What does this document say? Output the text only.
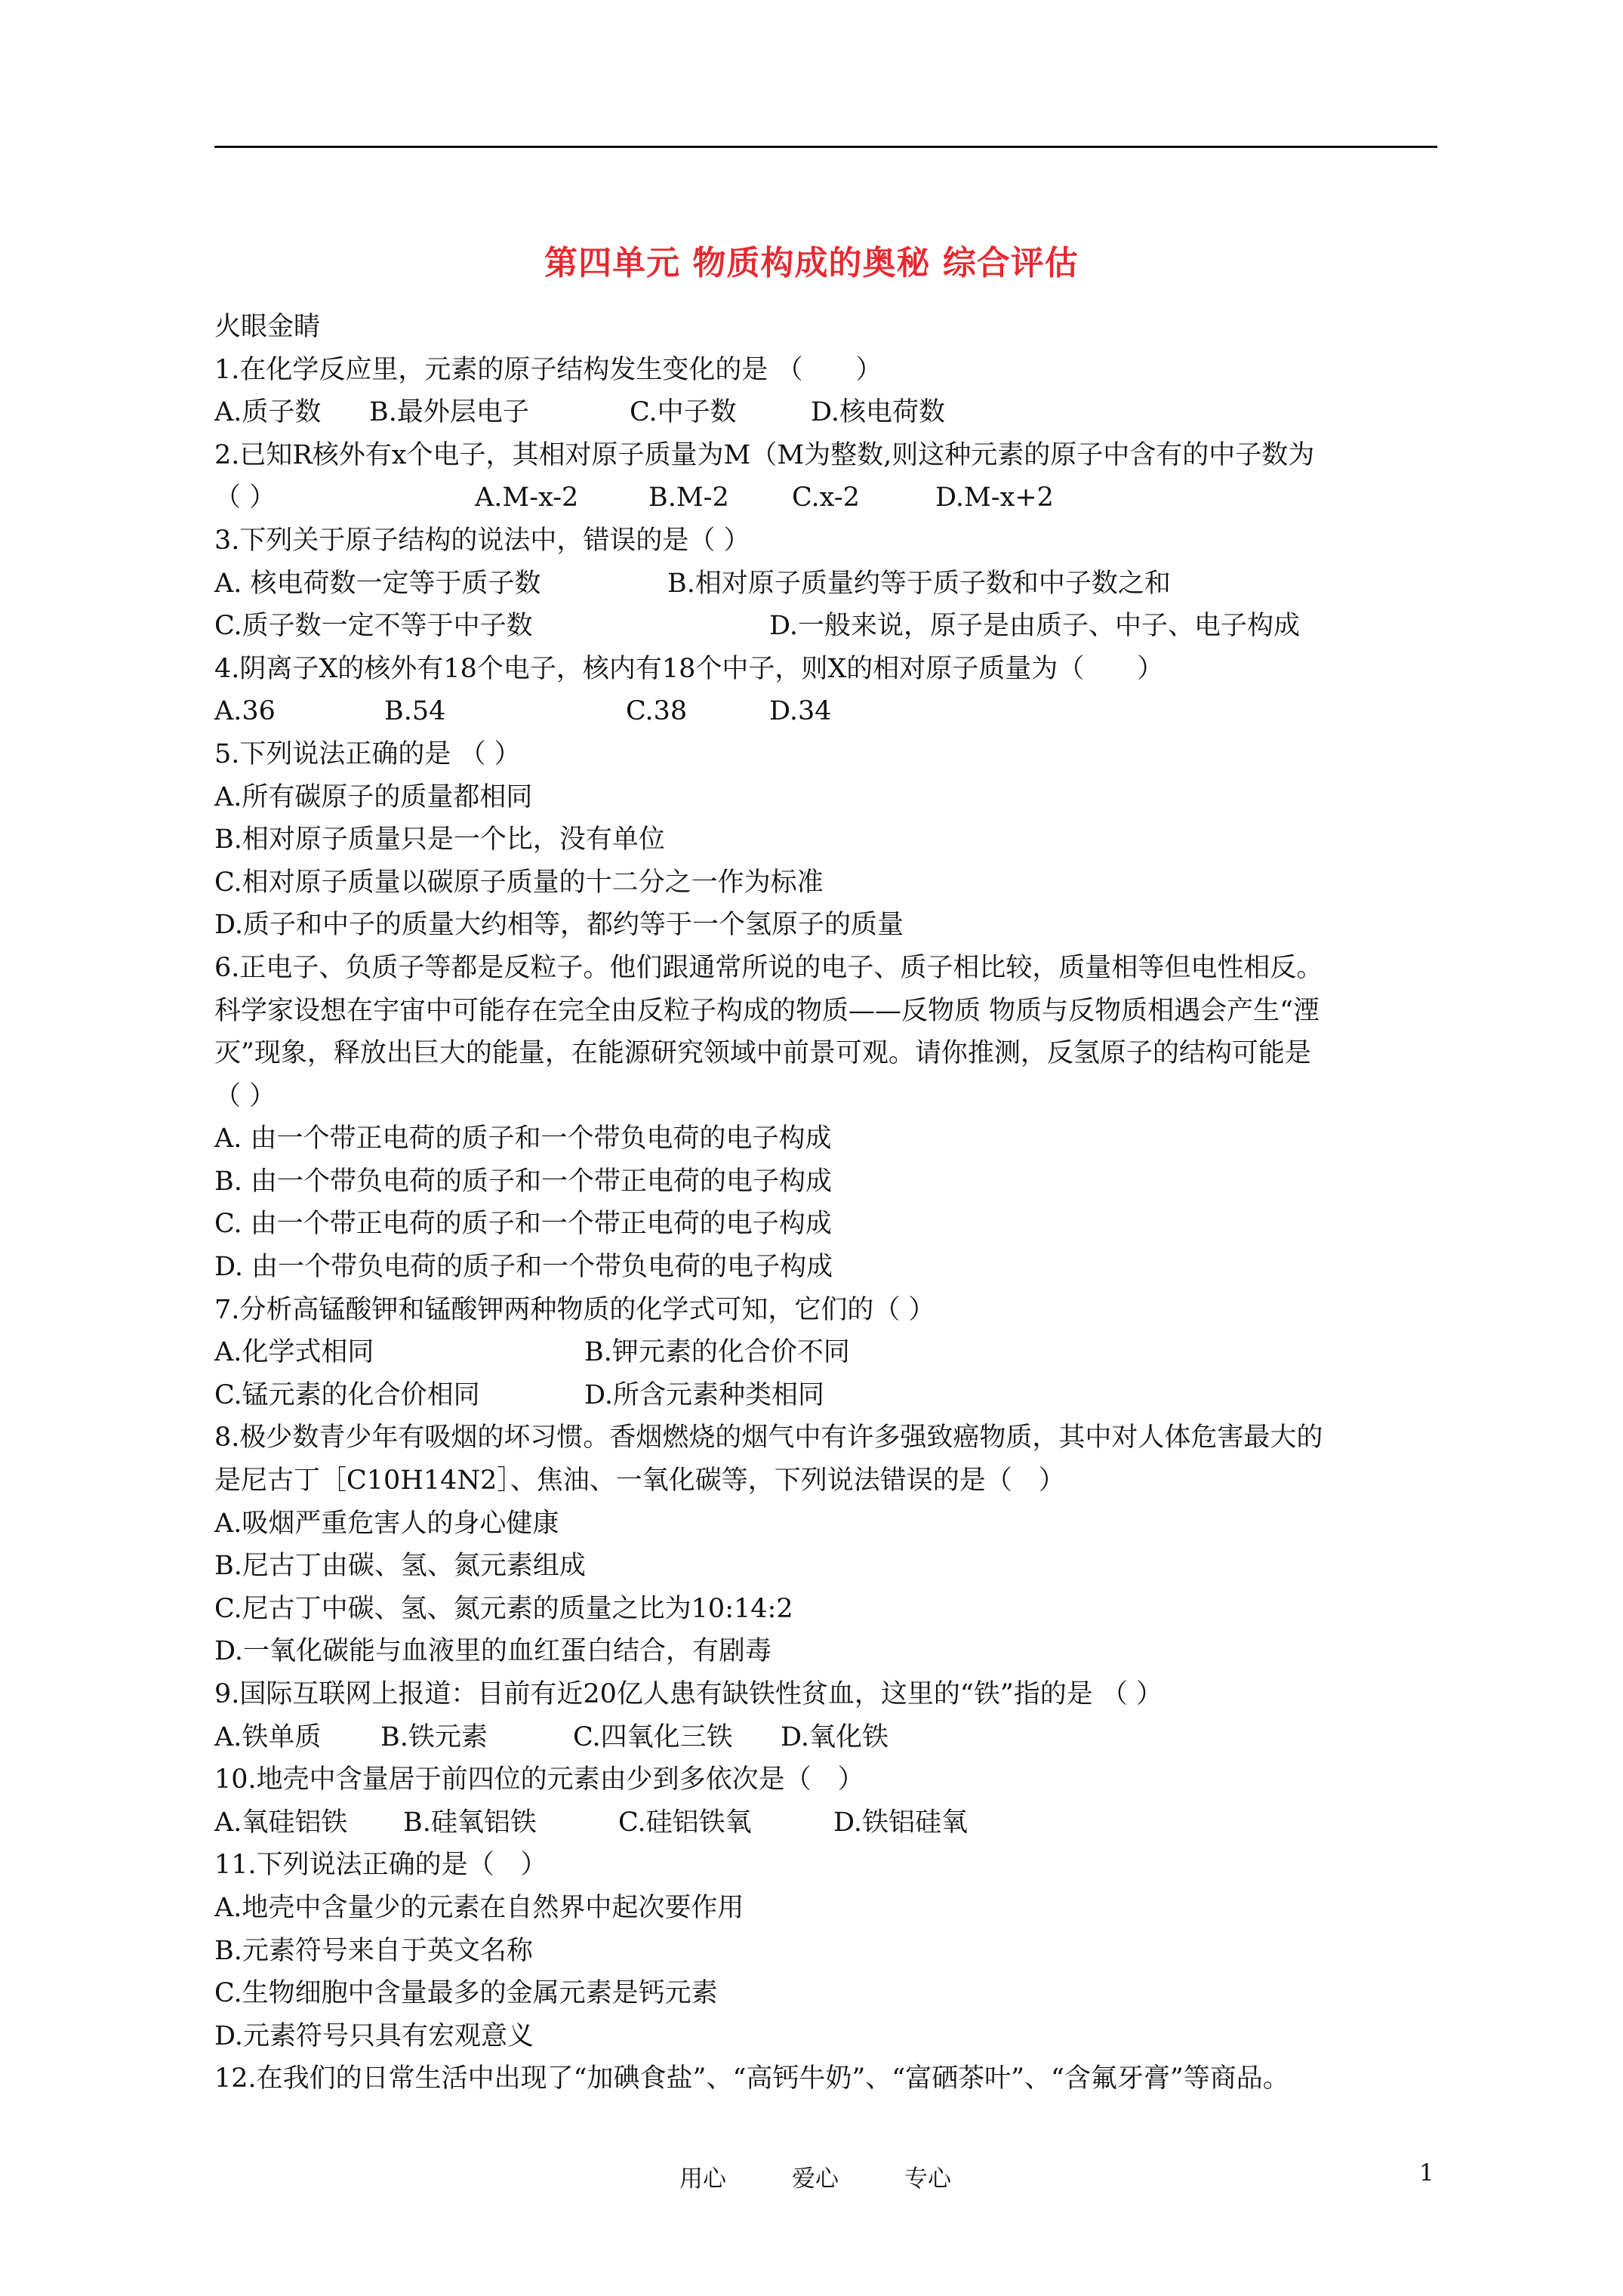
第四单元 物质构成的奥秘 综合评估
火眼金睛
1.在化学反应里，元素的原子结构发生变化的是 （　　）
A.质子数	B.最外层电子	C.中子数	D.核电荷数
2.已知R核外有x个电子，其相对原子质量为M（M为整数,则这种元素的原子中含有的中子数为
（ ）	A.M-x-2	B.M-2	C.x-2	D.M-x+2
3.下列关于原子结构的说法中，错误的是（ ）
A. 核电荷数一定等于质子数	B.相对原子质量约等于质子数和中子数之和
C.质子数一定不等于中子数	D.一般来说，原子是由质子、中子、电子构成
4.阴离子X的核外有18个电子，核内有18个中子，则X的相对原子质量为（　　）
A.36	B.54	C.38	D.34
5.下列说法正确的是 （ ）
A.所有碳原子的质量都相同
B.相对原子质量只是一个比，没有单位
C.相对原子质量以碳原子质量的十二分之一作为标准
D.质子和中子的质量大约相等，都约等于一个氢原子的质量
6.正电子、负质子等都是反粒子。他们跟通常所说的电子、质子相比较，质量相等但电性相反。
科学家设想在宇宙中可能存在完全由反粒子构成的物质——反物质 物质与反物质相遇会产生“湮
灭”现象，释放出巨大的能量，在能源研究领域中前景可观。请你推测，反氢原子的结构可能是
（ ）
A. 由一个带正电荷的质子和一个带负电荷的电子构成
B. 由一个带负电荷的质子和一个带正电荷的电子构成
C. 由一个带正电荷的质子和一个带正电荷的电子构成
D. 由一个带负电荷的质子和一个带负电荷的电子构成
7.分析高锰酸钾和锰酸钾两种物质的化学式可知，它们的（ ）
A.化学式相同	B.钾元素的化合价不同
C.锰元素的化合价相同	D.所含元素种类相同
8.极少数青少年有吸烟的坏习惯。香烟燃烧的烟气中有许多强致癌物质，其中对人体危害最大的
是尼古丁［C10H14N2］、焦油、一氧化碳等，下列说法错误的是（　）
A.吸烟严重危害人的身心健康
B.尼古丁由碳、氢、氮元素组成
C.尼古丁中碳、氢、氮元素的质量之比为10:14:2
D.一氧化碳能与血液里的血红蛋白结合，有剧毒
9.国际互联网上报道：目前有近20亿人患有缺铁性贫血，这里的“铁”指的是 （ ）
A.铁单质	B.铁元素	C.四氧化三铁	D.氧化铁
10.地壳中含量居于前四位的元素由少到多依次是（　）
A.氧硅铝铁	B.硅氧铝铁	C.硅铝铁氧	D.铁铝硅氧
11.下列说法正确的是（　）
A.地壳中含量少的元素在自然界中起次要作用
B.元素符号来自于英文名称
C.生物细胞中含量最多的金属元素是钙元素
D.元素符号只具有宏观意义
12.在我们的日常生活中出现了“加碘食盐”、“高钙牛奶”、“富硒茶叶”、“含氟牙膏”等商品。
用心	爱心	专心	1
